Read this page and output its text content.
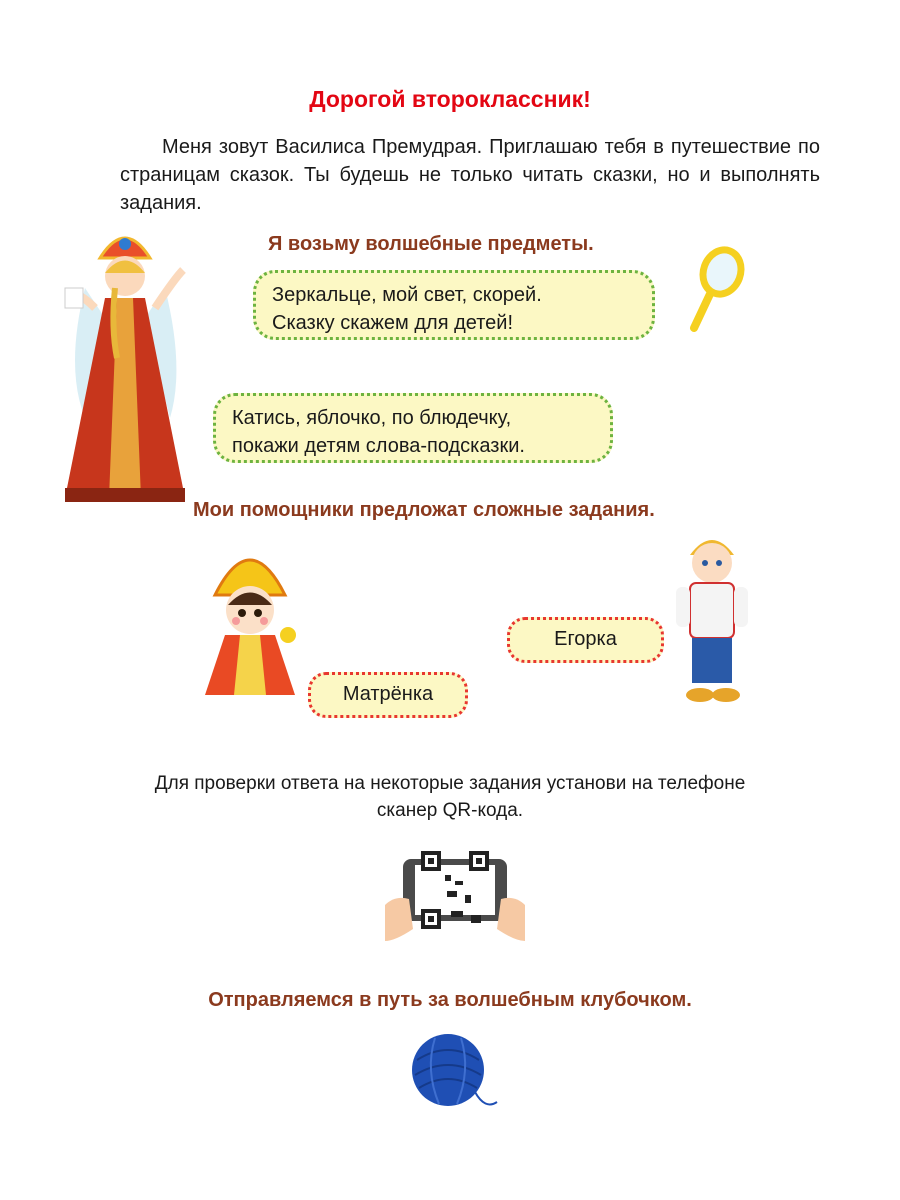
Дорогой второклассник!

Меня зовут Василиса Премудрая. Приглашаю тебя в путешествие по страницам сказок. Ты будешь не только читать сказки, но и выполнять задания.

Я возьму волшебные предметы.
Зеркальце, мой свет, скорей.
Сказку скажем для детей!
Катись, яблочко, по блюдечку,
покажи детям слова-подсказки.
Мои помощники предложат сложные задания.
Матрёнка
Егорка
Для проверки ответа на некоторые задания установи на телефоне
сканер QR-кода.
Отправляемся в путь за волшебным клубочком.
